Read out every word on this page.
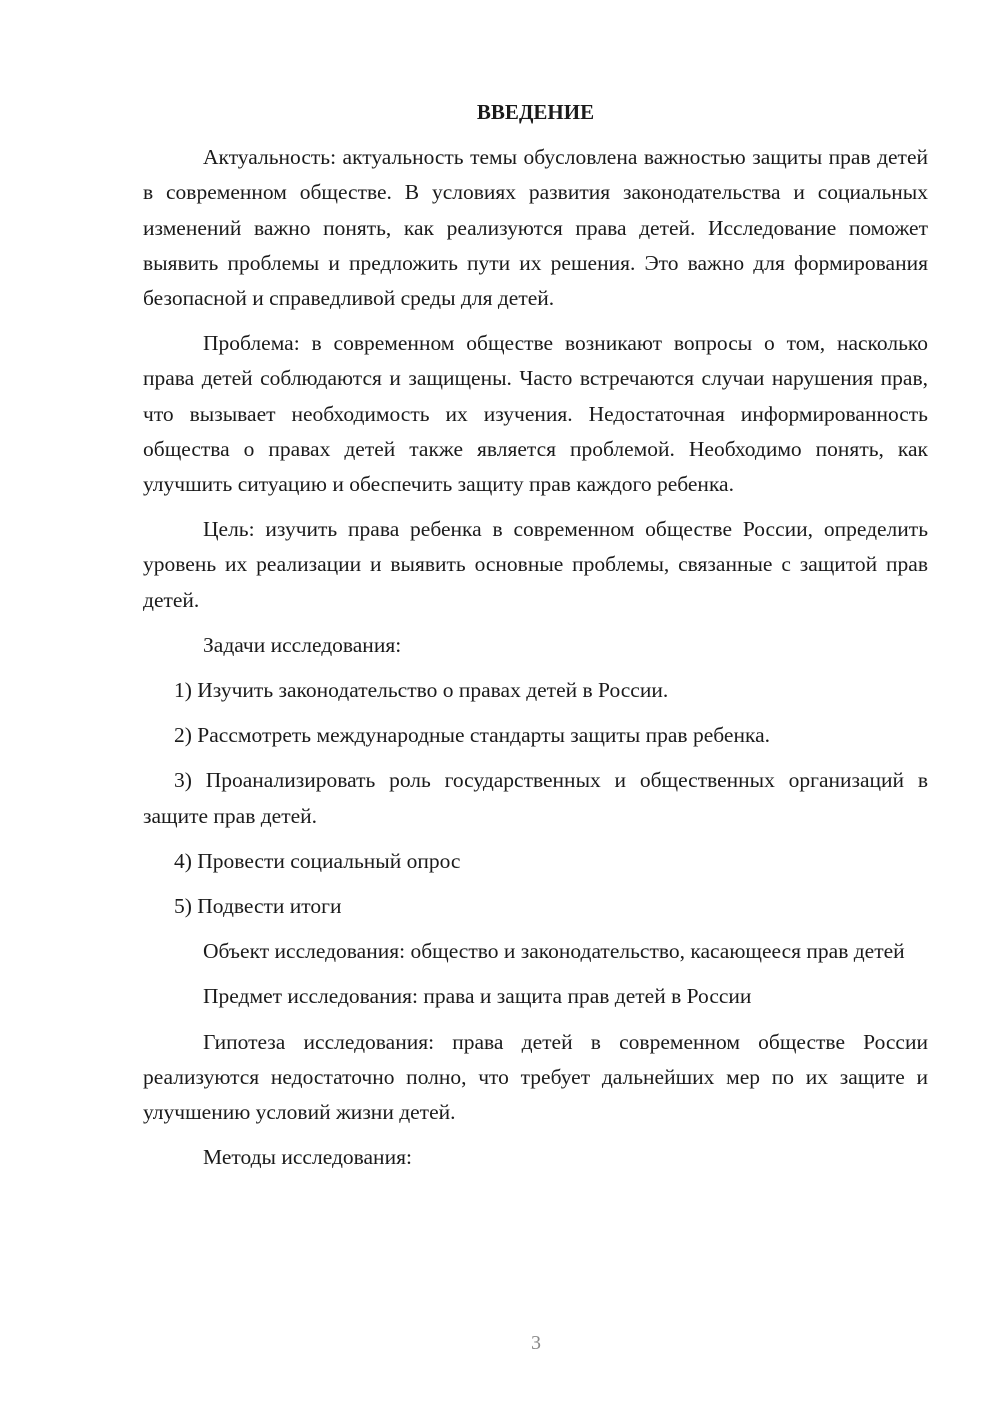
ВВЕДЕНИЕ

Актуальность: актуальность темы обусловлена важностью защиты прав детей в современном обществе. В условиях развития законодательства и социальных изменений важно понять, как реализуются права детей. Исследование поможет выявить проблемы и предложить пути их решения. Это важно для формирования безопасной и справедливой среды для детей.

Проблема: в современном обществе возникают вопросы о том, насколько права детей соблюдаются и защищены. Часто встречаются случаи нарушения прав, что вызывает необходимость их изучения. Недостаточная информированность общества о правах детей также является проблемой. Необходимо понять, как улучшить ситуацию и обеспечить защиту прав каждого ребенка.

Цель: изучить права ребенка в современном обществе России, определить уровень их реализации и выявить основные проблемы, связанные с защитой прав детей.

Задачи исследования:

1) Изучить законодательство о правах детей в России.

2) Рассмотреть международные стандарты защиты прав ребенка.

3) Проанализировать роль государственных и общественных организаций в защите прав детей.

4) Провести социальный опрос

5) Подвести итоги

Объект исследования: общество и законодательство, касающееся прав детей

Предмет исследования: права и защита прав детей в России

Гипотеза исследования: права детей в современном обществе России реализуются недостаточно полно, что требует дальнейших мер по их защите и улучшению условий жизни детей.

Методы исследования:

3
